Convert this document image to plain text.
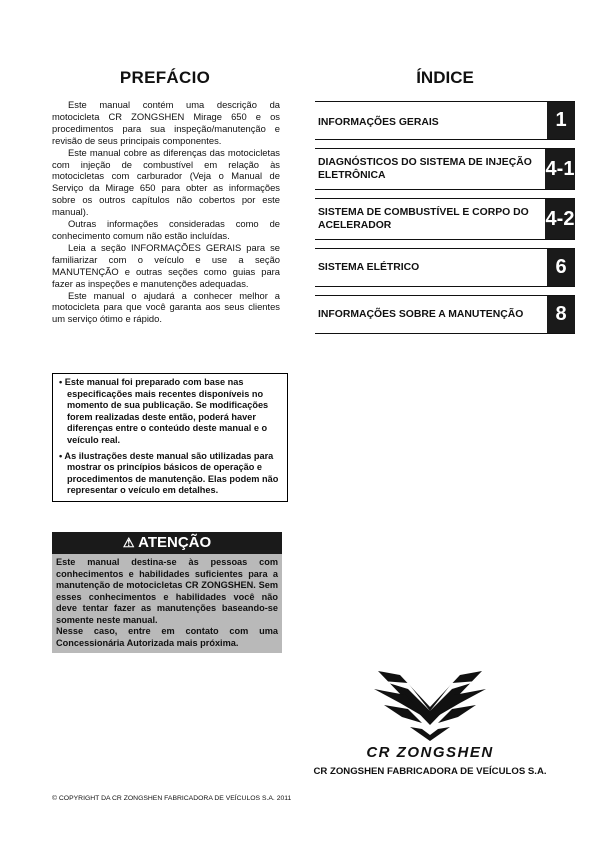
PREFÁCIO

Este manual contém uma descrição da motocicleta CR ZONGSHEN Mirage 650 e os procedimentos para sua inspeção/manutenção e revisão de seus principais componentes.

Este manual cobre as diferenças das motocicletas com injeção de combustível em relação às motocicletas com carburador (Veja o Manual de Serviço da Mirage 650 para obter as informações sobre os outros capítulos não cobertos por este manual).

Outras informações consideradas como de conhecimento comum não estão incluídas.

Leia a seção INFORMAÇÕES GERAIS para se familiarizar com o veículo e use a seção MANUTENÇÃO e outras seções como guias para fazer as inspeções e manutenções adequadas.

Este manual o ajudará a conhecer melhor a motocicleta para que você garanta aos seus clientes um serviço ótimo e rápido.

• Este manual foi preparado com base nas especificações mais recentes disponíveis no momento de sua publicação. Se modificações forem realizadas deste então, poderá haver diferenças entre o conteúdo deste manual e o veículo real.

• As ilustrações deste manual são utilizadas para mostrar os princípios básicos de operação e procedimentos de manutenção. Elas podem não representar o veículo em detalhes.

⚠ ATENÇÃO

Este manual destina-se às pessoas com conhecimentos e habilidades suficientes para a manutenção de motocicletas CR ZONGSHEN. Sem esses conhecimentos e habilidades você não deve tentar fazer as manutenções baseando-se somente neste manual.

Nesse caso, entre em contato com uma Concessionária Autorizada mais próxima.

ÍNDICE
INFORMAÇÕES GERAIS	1
DIAGNÓSTICOS DO SISTEMA DE INJEÇÃO ELETRÔNICA	4-1
SISTEMA DE COMBUSTÍVEL E CORPO DO ACELERADOR	4-2
SISTEMA ELÉTRICO	6
INFORMAÇÕES SOBRE A MANUTENÇÃO	8
CR ZONGSHEN
CR ZONGSHEN FABRICADORA DE VEÍCULOS S.A.
© COPYRIGHT DA CR ZONGSHEN FABRICADORA DE VEÍCULOS S.A. 2011
